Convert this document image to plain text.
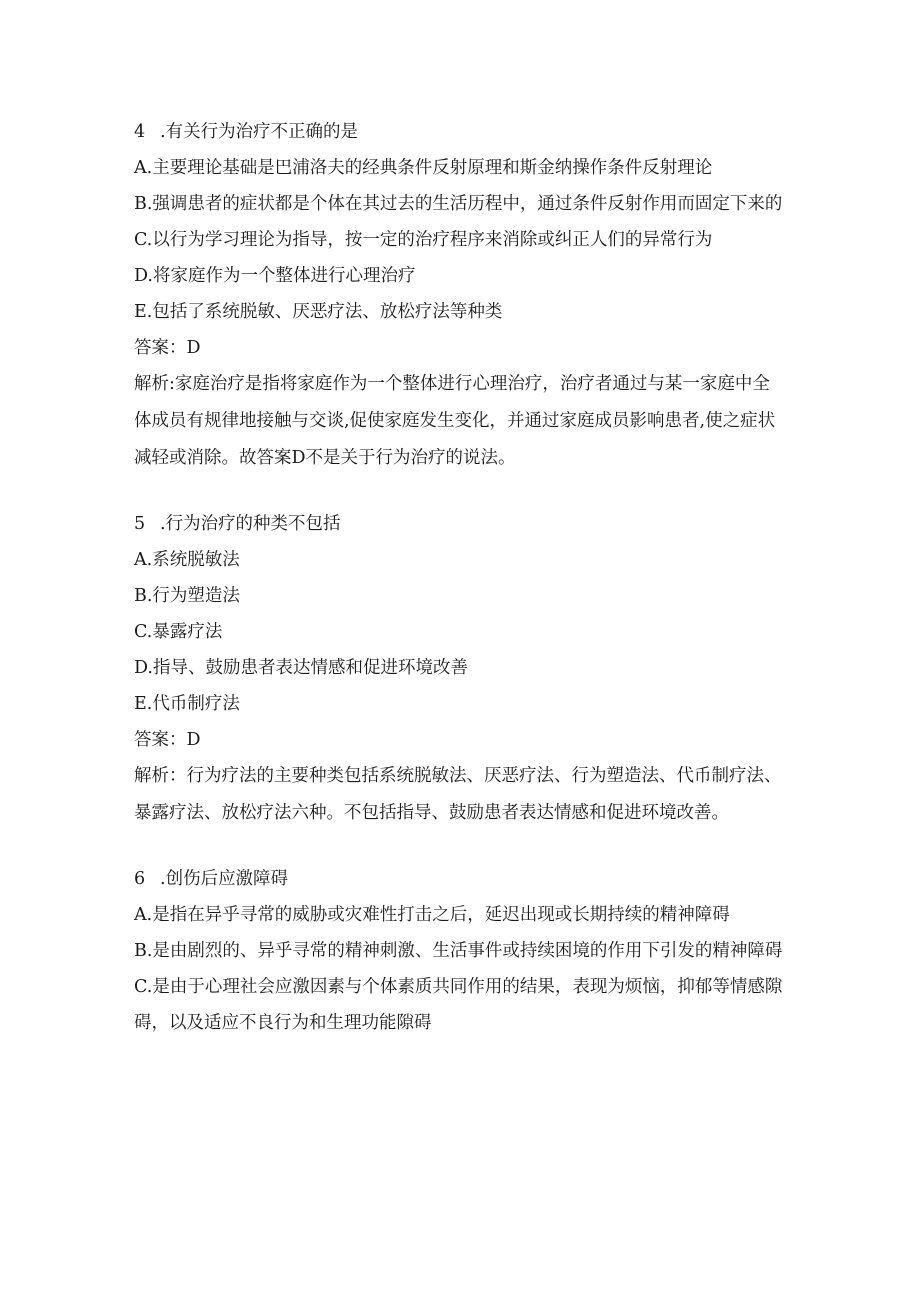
4 .有关行为治疗不正确的是

A.主要理论基础是巴浦洛夫的经典条件反射原理和斯金纳操作条件反射理论

B.强调患者的症状都是个体在其过去的生活历程中，通过条件反射作用而固定下来的

C.以行为学习理论为指导，按一定的治疗程序来消除或纠正人们的异常行为

D.将家庭作为一个整体进行心理治疗

E.包括了系统脱敏、厌恶疗法、放松疗法等种类

答案：D

解析:家庭治疗是指将家庭作为一个整体进行心理治疗，治疗者通过与某一家庭中全体成员有规律地接触与交谈,促使家庭发生变化，并通过家庭成员影响患者,使之症状减轻或消除。故答案D不是关于行为治疗的说法。

5 .行为治疗的种类不包括

A.系统脱敏法

B.行为塑造法

C.暴露疗法

D.指导、鼓励患者表达情感和促进环境改善

E.代币制疗法

答案：D

解析：行为疗法的主要种类包括系统脱敏法、厌恶疗法、行为塑造法、代币制疗法、暴露疗法、放松疗法六种。不包括指导、鼓励患者表达情感和促进环境改善。

6 .创伤后应激障碍

A.是指在异乎寻常的威胁或灾难性打击之后，延迟出现或长期持续的精神障碍

B.是由剧烈的、异乎寻常的精神刺激、生活事件或持续困境的作用下引发的精神障碍

C.是由于心理社会应激因素与个体素质共同作用的结果，表现为烦恼，抑郁等情感隙碍，以及适应不良行为和生理功能隙碍
